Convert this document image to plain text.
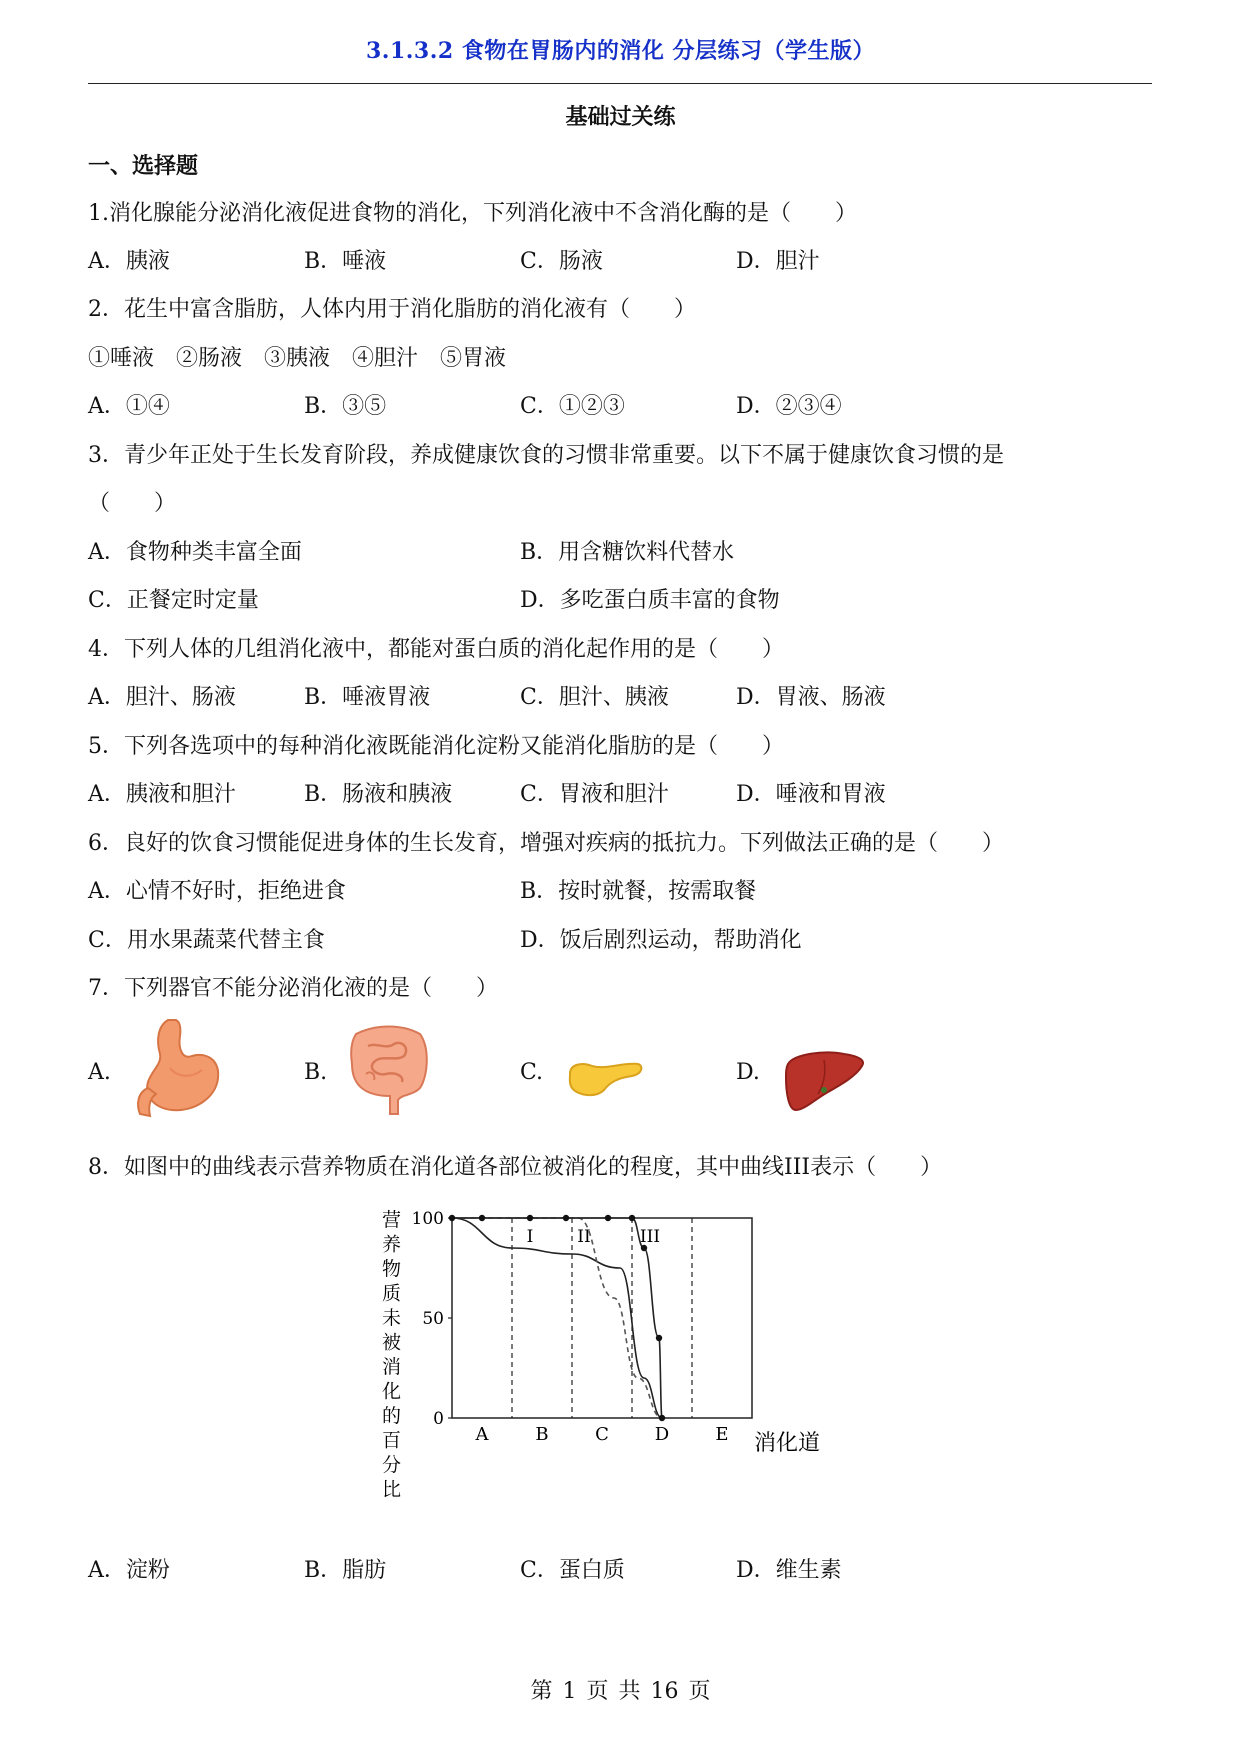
3.1.3.2 食物在胃肠内的消化 分层练习（学生版）
基础过关练
一、选择题
1.消化腺能分泌消化液促进食物的消化，下列消化液中不含消化酶的是（　　）
A．胰液	B．唾液	C．肠液	D．胆汁
2．花生中富含脂肪，人体内用于消化脂肪的消化液有（　　）
①唾液　②肠液　③胰液　④胆汁　⑤胃液
A．①④	B．③⑤	C．①②③	D．②③④
3．青少年正处于生长发育阶段，养成健康饮食的习惯非常重要。以下不属于健康饮食习惯的是
（　　）
A．食物种类丰富全面	B．用含糖饮料代替水
C．正餐定时定量	D．多吃蛋白质丰富的食物
4．下列人体的几组消化液中，都能对蛋白质的消化起作用的是（　　）
A．胆汁、肠液	B．唾液胃液	C．胆汁、胰液	D．胃液、肠液
5．下列各选项中的每种消化液既能消化淀粉又能消化脂肪的是（　　）
A．胰液和胆汁	B．肠液和胰液	C．胃液和胆汁	D．唾液和胃液
6．良好的饮食习惯能促进身体的生长发育，增强对疾病的抵抗力。下列做法正确的是（　　）
A．心情不好时，拒绝进食	B．按时就餐，按需取餐
C．用水果蔬菜代替主食	D．饭后剧烈运动，帮助消化
7．下列器官不能分泌消化液的是（　　）
A.	B.	C.	D.
8．如图中的曲线表示营养物质在消化道各部位被消化的程度，其中曲线III表示（　　）
营
养
物
质
未
被
消
化
的
百
分
比
100
50
0
A	B	C	D	E
I	II	III
消化道
A．淀粉	B．脂肪	C．蛋白质	D．维生素
第 1 页 共 16 页
